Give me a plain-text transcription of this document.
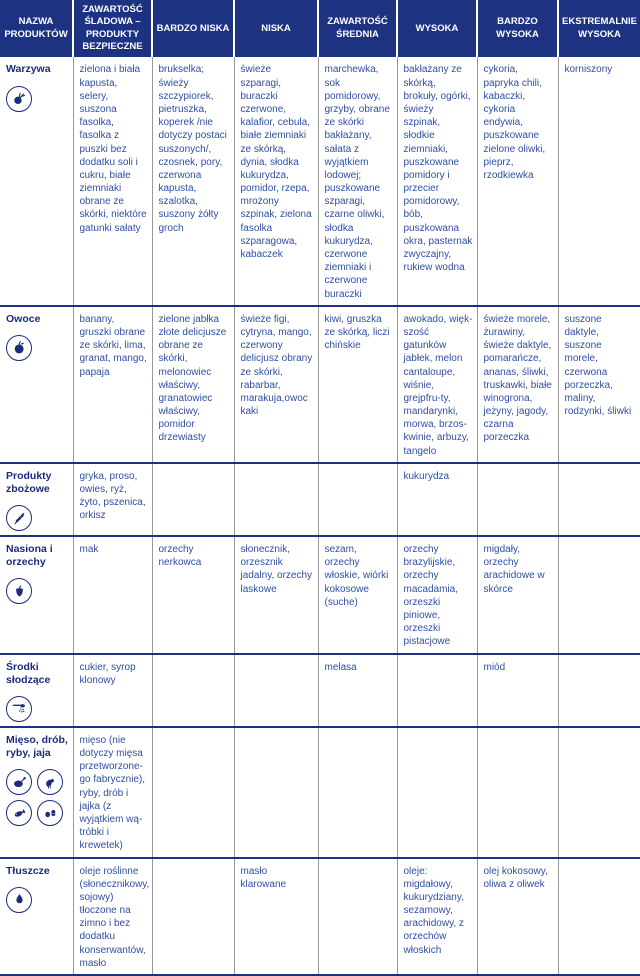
NAZWA PRODUKTÓW	ZAWARTOŚĆ ŚLADOWA – PRODUKTY BEZPIECZNE	BARDZO NISKA	NISKA	ZAWARTOŚĆ ŚREDNIA	WYSOKA	BARDZO WYSOKA	EKSTREMALNIE WYSOKA

Warzywa	zielona i biała kapusta, selery, suszona fasolka, fasolka z puszki bez dodatku soli i cukru, białe ziemniaki obrane ze skórki, niektóre gatunki sałaty	brukselka; świeży szczypiorek, pietruszka, koperek /nie dotyczy postaci suszonych/, czosnek, pory, czerwona kapusta, szalotka, suszony żółty groch	świeże szparagi, buraczki czerwone, kalafior, cebula, białe ziemniaki ze skórką, dynia, słodka kukurydza, pomidor, rzepa, mrożony szpinak, zielona fasolka szparagowa, kabaczek	marchewka, sok pomidorowy, grzyby, obrane ze skórki bakłażany, sałata z wyjątkiem lodowej; puszkowane szparagi, czarne oliwki, słodka kukurydza, czerwone ziemniaki i czerwone buraczki	bakłażany ze skórką, brokuły, ogórki, świeży szpinak, słodkie ziemniaki, puszkowane pomidory i przecier pomidorowy, bób, puszkowana okra, pasternak zwyczajny, rukiew wodna	cykoria, papryka chili, kabaczki, cykoria endywia, puszkowane zielone oliwki, pieprz, rzodkiewka	korniszony

Owoce	banany, gruszki obrane ze skórki, lima, granat, mango, papaja	zielone jabłka złote delicjusze obrane ze skórki, melonowiec właściwy, granatowiec właściwy, pomidor drzewiasty	świeże figi, cytryna, mango, czerwony delicjusz obrany ze skórki, rabarbar, marakuja,owoc kaki	kiwi, gruszka ze skórką, liczi chińskie	awokado, więk-szość gatunków jabłek, melon cantaloupe, wiśnie, grejpfru-ty, mandarynki, morwa, brzos-kwinie, arbuzy, tangelo	świeże morele, żurawiny, świeże daktyle, pomarańcze, ananas, śliwki, truskawki, białe winogrona, jeżyny, jagody, czarna porzeczka	suszone daktyle, suszone morele, czerwona porzeczka, maliny, rodzynki, śliwki

Produkty zbożowe	gryka, proso, owies, ryż, żyto, pszenica, orkisz				kukurydza		

Nasiona i orzechy	mak	orzechy nerkowca	słonecznik, orzesznik jadalny, orzechy laskowe	sezam, orzechy włoskie, wiórki kokosowe (suche)	orzechy brazylijskie, orzechy macadamia, orzeszki piniowe, orzeszki pistacjowe	migdały, orzechy arachidowe w skórce	

Środki słodzące	cukier, syrop klonowy			melasa		miód	

Mięso, drób, ryby, jaja	mięso (nie dotyczy mięsa przetworzone-go fabrycznie), ryby, drób i jajka (z wyjątkiem wą-tróbki i krewetek)						

Tłuszcze	oleje roślinne (słonecznikowy, sojowy) tłoczone na zimno i bez dodatku konserwantów, masło		masło klarowane		oleje: migdałowy, kukurydziany, sezamowy, arachidowy, z orzechów włoskich	olej kokosowy, oliwa z oliwek	
